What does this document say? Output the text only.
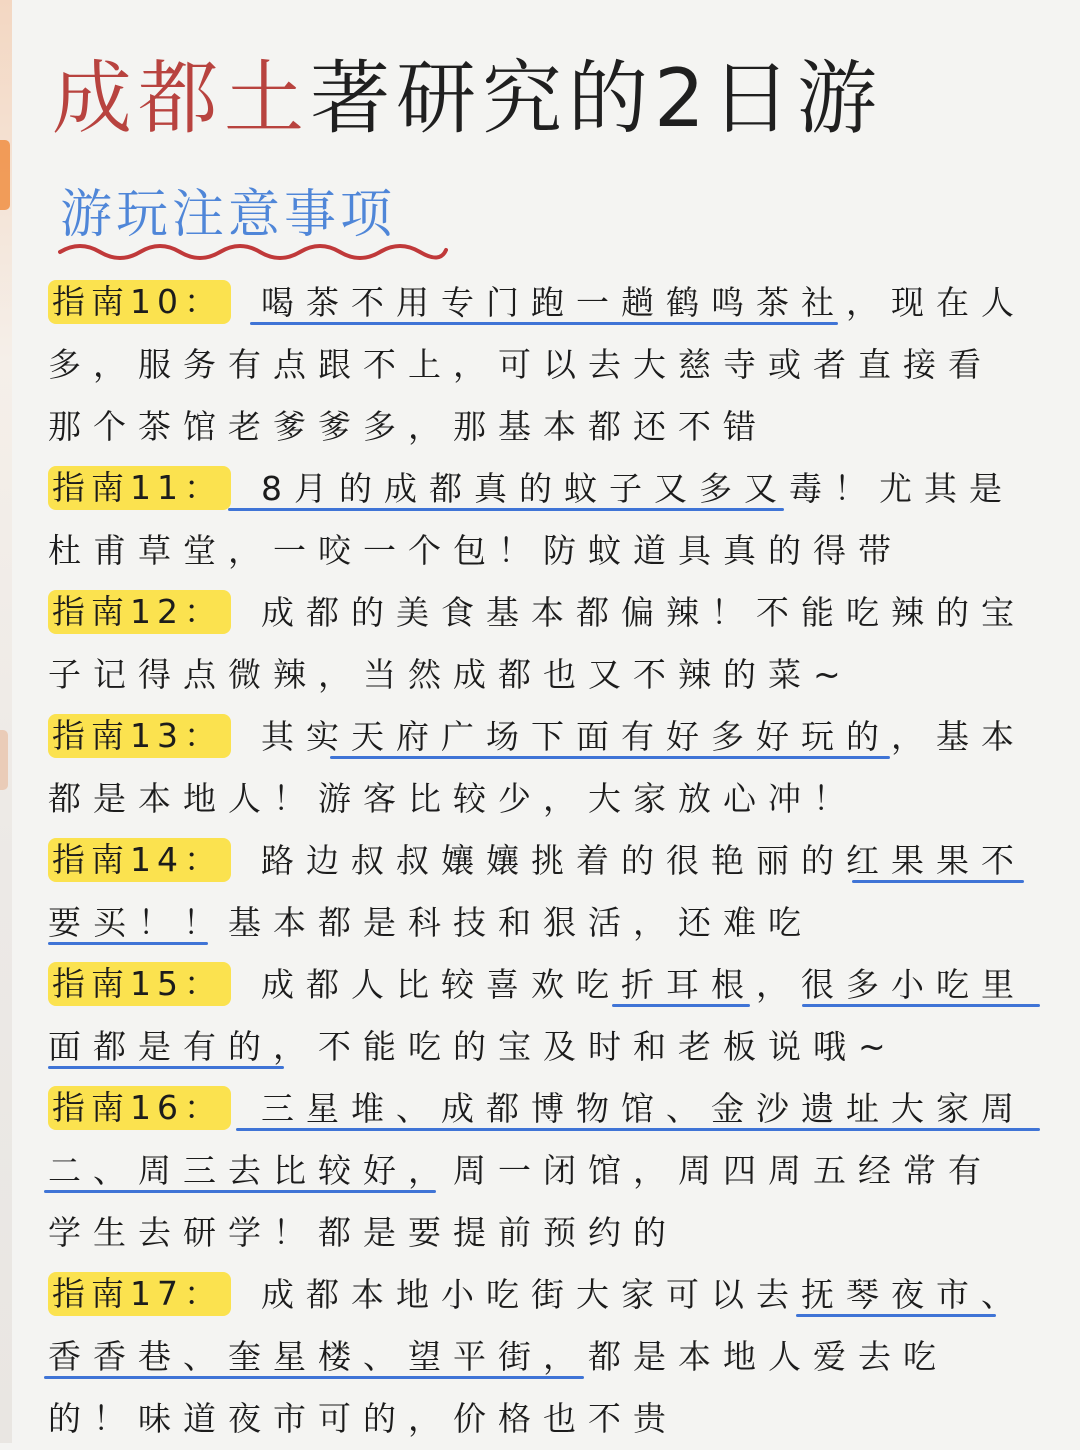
成都土著研究的2日游
游玩注意事项
指南10： 喝茶不用专门跑一趟鹤鸣茶社，现在人
多，服务有点跟不上，可以去大慈寺或者直接看
那个茶馆老爹爹多，那基本都还不错
指南11： 8月的成都真的蚊子又多又毒！尤其是
杜甫草堂，一咬一个包！防蚊道具真的得带
指南12： 成都的美食基本都偏辣！不能吃辣的宝
子记得点微辣，当然成都也又不辣的菜~
指南13： 其实天府广场下面有好多好玩的，基本
都是本地人！游客比较少，大家放心冲！
指南14： 路边叔叔孃孃挑着的很艳丽的红果果不
要买！！基本都是科技和狠活，还难吃
指南15： 成都人比较喜欢吃折耳根，很多小吃里
面都是有的，不能吃的宝及时和老板说哦~
指南16： 三星堆、成都博物馆、金沙遗址大家周
二、周三去比较好，周一闭馆，周四周五经常有
学生去研学！都是要提前预约的
指南17： 成都本地小吃街大家可以去抚琴夜市、
香香巷、奎星楼、望平街，都是本地人爱去吃
的！味道夜市可的，价格也不贵
